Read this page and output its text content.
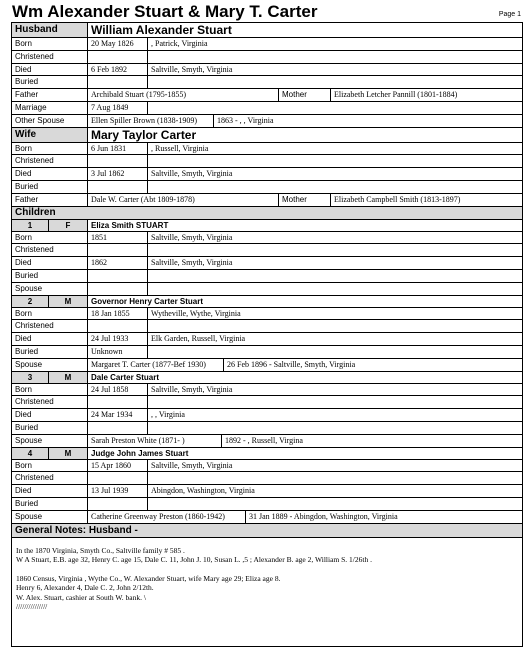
Wm Alexander Stuart & Mary T. Carter	Page 1
Husband	William Alexander Stuart
Born	20 May 1826	, Patrick, Virginia
Christened
Died	6 Feb 1892	Saltville, Smyth, Virginia
Buried
Father	Archibald Stuart (1795-1855)	Mother	Elizabeth Letcher Pannill (1801-1884)
Marriage	7 Aug 1849
Other Spouse	Ellen Spiller Brown (1838-1909)	1863 - , , Virginia
Wife	Mary Taylor Carter
Born	6 Jun 1831	, Russell, Virginia
Christened
Died	3 Jul 1862	Saltville, Smyth, Virginia
Buried
Father	Dale W. Carter (Abt 1809-1878)	Mother	Elizabeth Campbell Smith (1813-1897)
Children
1	F	Eliza Smith STUART
Born	1851	Saltville, Smyth, Virginia
Christened
Died	1862	Saltville, Smyth, Virginia
Buried
Spouse
2	M	Governor Henry Carter Stuart
Born	18 Jan 1855	Wytheville, Wythe, Virginia
Christened
Died	24 Jul 1933	Elk Garden, Russell, Virginia
Buried	Unknown
Spouse	Margaret T. Carter (1877-Bef 1930)	26 Feb 1896 - Saltville, Smyth, Virginia
3	M	Dale Carter Stuart
Born	24 Jul 1858	Saltville, Smyth, Virginia
Christened
Died	24 Mar 1934	, , Virginia
Buried
Spouse	Sarah Preston White (1871- )	1892 - , Russell, Virgina
4	M	Judge John James Stuart
Born	15 Apr 1860	Saltville, Smyth, Virginia
Christened
Died	13 Jul 1939	Abingdon, Washington, Virginia
Buried
Spouse	Catherine Greenway Preston (1860-1942)	31 Jan 1889 - Abingdon, Washington, Virginia
General Notes: Husband -

In the 1870 Virginia, Smyth Co., Saltville family # 585 .
W A Stuart, E.B. age 32, Henry C. age 15, Dale C. 11, John J. 10, Susan L. ,5 ; Alexander B. age 2, William S. 1/26th .

1860 Census, Virginia , Wythe Co., W. Alexander Stuart, wife Mary age 29; Eliza age 8.
Henry 6, Alexander 4, Dale C. 2, John 2/12th.
W. Alex. Stuart, cashier at South W. bank. \
///////////////
